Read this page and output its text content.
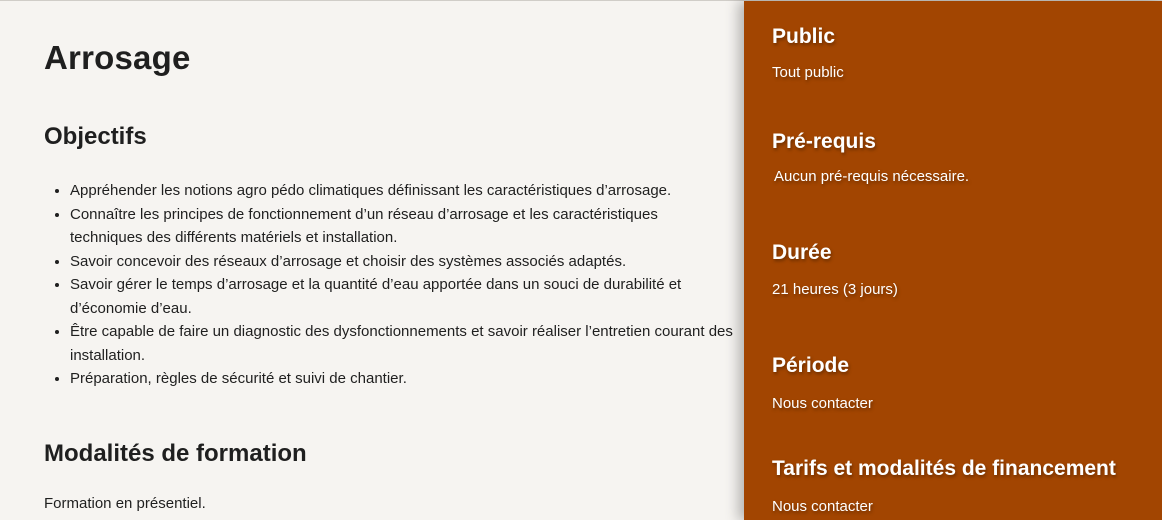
Arrosage
Objectifs
• Appréhender les notions agro pédo climatiques définissant les caractéristiques d’arrosage.
• Connaître les principes de fonctionnement d’un réseau d’arrosage et les caractéristiques techniques des différents matériels et installation.
• Savoir concevoir des réseaux d’arrosage et choisir des systèmes associés adaptés.
• Savoir gérer le temps d’arrosage et la quantité d’eau apportée dans un souci de durabilité et d’économie d’eau.
• Être capable de faire un diagnostic des dysfonctionnements et savoir réaliser l’entretien courant des installation.
• Préparation, règles de sécurité et suivi de chantier.
Modalités de formation

Formation en présentiel.

Public

Tout public

Pré-requis

Aucun pré-requis nécessaire.

Durée

21 heures (3 jours)

Période

Nous contacter

Tarifs et modalités de financement

Nous contacter
